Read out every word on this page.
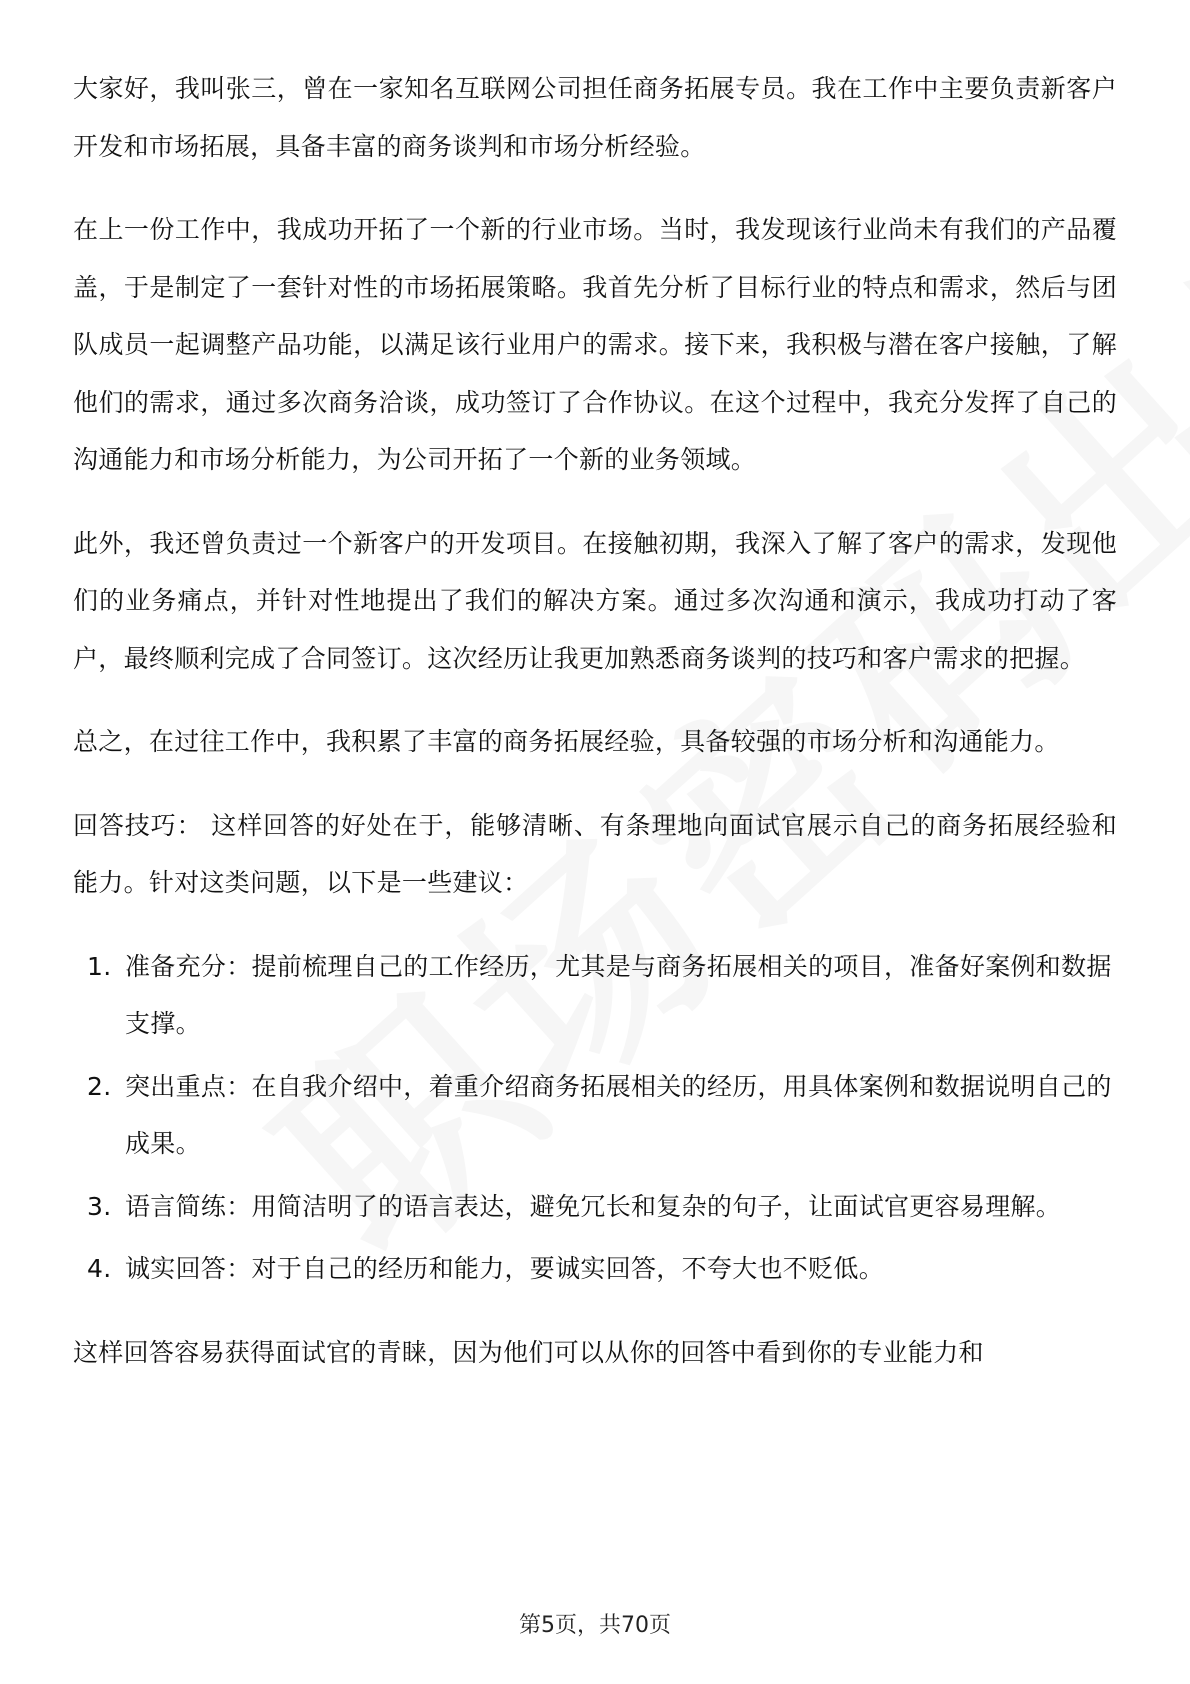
大家好，我叫张三，曾在一家知名互联网公司担任商务拓展专员。我在工作中主要负责新客户开发和市场拓展，具备丰富的商务谈判和市场分析经验。

在上一份工作中，我成功开拓了一个新的行业市场。当时，我发现该行业尚未有我们的产品覆盖，于是制定了一套针对性的市场拓展策略。我首先分析了目标行业的特点和需求，然后与团队成员一起调整产品功能，以满足该行业用户的需求。接下来，我积极与潜在客户接触，了解他们的需求，通过多次商务洽谈，成功签订了合作协议。在这个过程中，我充分发挥了自己的沟通能力和市场分析能力，为公司开拓了一个新的业务领域。

此外，我还曾负责过一个新客户的开发项目。在接触初期，我深入了解了客户的需求，发现他们的业务痛点，并针对性地提出了我们的解决方案。通过多次沟通和演示，我成功打动了客户，最终顺利完成了合同签订。这次经历让我更加熟悉商务谈判的技巧和客户需求的把握。

总之，在过往工作中，我积累了丰富的商务拓展经验，具备较强的市场分析和沟通能力。

回答技巧： 这样回答的好处在于，能够清晰、有条理地向面试官展示自己的商务拓展经验和能力。针对这类问题，以下是一些建议：

1. 准备充分：提前梳理自己的工作经历，尤其是与商务拓展相关的项目，准备好案例和数据支撑。
2. 突出重点：在自我介绍中，着重介绍商务拓展相关的经历，用具体案例和数据说明自己的成果。
3. 语言简练：用简洁明了的语言表达，避免冗长和复杂的句子，让面试官更容易理解。
4. 诚实回答：对于自己的经历和能力，要诚实回答，不夸大也不贬低。

这样回答容易获得面试官的青睐，因为他们可以从你的回答中看到你的专业能力和

第5页，共70页
